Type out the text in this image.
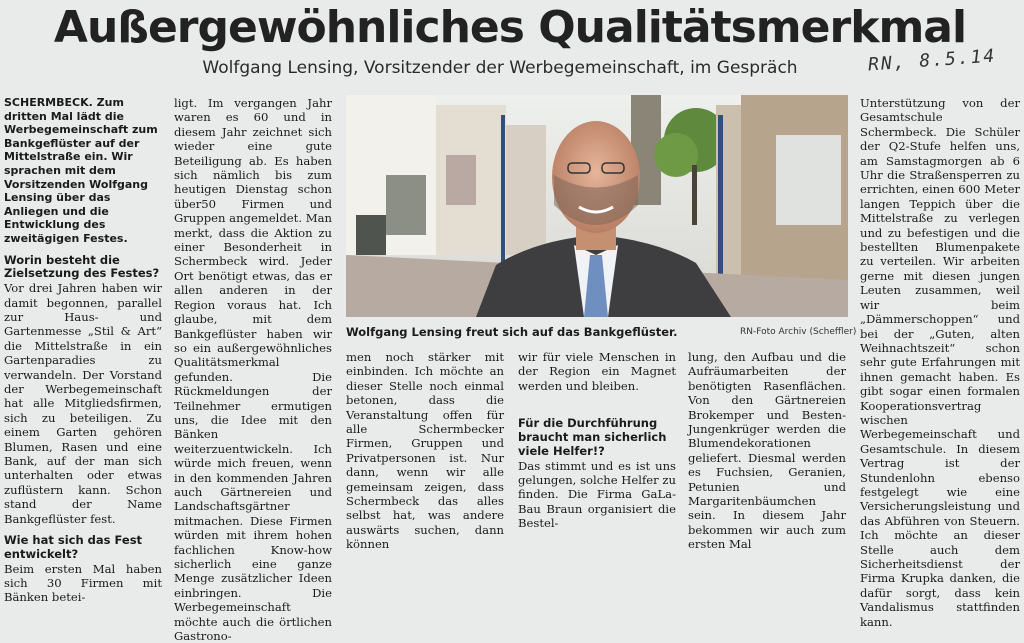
Außergewöhnliches Qualitätsmerkmal
Wolfgang Lensing, Vorsitzender der Werbegemeinschaft, im Gespräch	RN, 8.5.14

SCHERMBECK. Zum dritten Mal lädt die Werbegemeinschaft zum Bankgeflüster auf der Mittelstraße ein. Wir sprachen mit dem Vorsitzenden Wolfgang Lensing über das Anliegen und die Entwicklung des zweitägigen Festes.

Worin besteht die Zielsetzung des Festes?

Vor drei Jahren haben wir damit begonnen, parallel zur Haus- und Gartenmesse „Stil & Art“ die Mittelstraße in ein Gartenparadies zu verwandeln. Der Vorstand der Werbegemeinschaft hat alle Mitgliedsfirmen, sich zu beteiligen. Zu einem Garten gehören Blumen, Rasen und eine Bank, auf der man sich unterhalten oder etwas zuflüstern kann. Schon stand der Name Bankgeflüster fest.

Wie hat sich das Fest entwickelt?

Beim ersten Mal haben sich 30 Firmen mit Bänken betei-

ligt. Im vergangen Jahr waren es 60 und in diesem Jahr zeichnet sich wieder eine gute Beteiligung ab. Es haben sich nämlich bis zum heutigen Dienstag schon über50 Firmen und Gruppen angemeldet. Man merkt, dass die Aktion zu einer Besonderheit in Schermbeck wird. Jeder Ort benötigt etwas, das er allen anderen in der Region voraus hat. Ich glaube, mit dem Bankgeflüster haben wir so ein außergewöhnliches Qualitätsmerkmal gefunden. Die Rückmeldungen der Teilnehmer ermutigen uns, die Idee mit den Bänken weiterzuentwickeln. Ich würde mich freuen, wenn in den kommenden Jahren auch Gärtnereien und Landschaftsgärtner mitmachen. Diese Firmen würden mit ihrem hohen fachlichen Know-how sicherlich eine ganze Menge zusätzlicher Ideen einbringen. Die Werbegemeinschaft möchte auch die örtlichen Gastrono-

Wolfgang Lensing freut sich auf das Bankgeflüster.	RN-Foto Archiv (Scheffler)

men noch stärker mit einbinden. Ich möchte an dieser Stelle noch einmal betonen, dass die Veranstaltung offen für alle Schermbecker Firmen, Gruppen und Privatpersonen ist. Nur dann, wenn wir alle gemeinsam zeigen, dass Schermbeck das alles selbst hat, was andere auswärts suchen, dann können

wir für viele Menschen in der Region ein Magnet werden und bleiben.

Für die Durchführung braucht man sicherlich viele Helfer!?

Das stimmt und es ist uns gelungen, solche Helfer zu finden. Die Firma GaLa-Bau Braun organisiert die Bestel-

lung, den Aufbau und die Aufräumarbeiten der benötigten Rasenflächen. Von den Gärtnereien Brokemper und Besten-Jungenkrüger werden die Blumendekorationen geliefert. Diesmal werden es Fuchsien, Geranien, Petunien und Margaritenbäumchen sein. In diesem Jahr bekommen wir auch zum ersten Mal

Unterstützung von der Gesamtschule Schermbeck. Die Schüler der Q2-Stufe helfen uns, am Samstagmorgen ab 6 Uhr die Straßensperren zu errichten, einen 600 Meter langen Teppich über die Mittelstraße zu verlegen und zu befestigen und die bestellten Blumenpakete zu verteilen. Wir arbeiten gerne mit diesen jungen Leuten zusammen, weil wir beim „Dämmerschoppen“ und bei der „Guten, alten Weihnachtszeit“ schon sehr gute Erfahrungen mit ihnen gemacht haben. Es gibt sogar einen formalen Kooperationsvertrag wischen Werbegemeinschaft und Gesamtschule. In diesem Vertrag ist der Stundenlohn ebenso festgelegt wie eine Versicherungsleistung und das Abführen von Steuern. Ich möchte an dieser Stelle auch dem Sicherheitsdienst der Firma Krupka danken, die dafür sorgt, dass kein Vandalismus stattfinden kann.
